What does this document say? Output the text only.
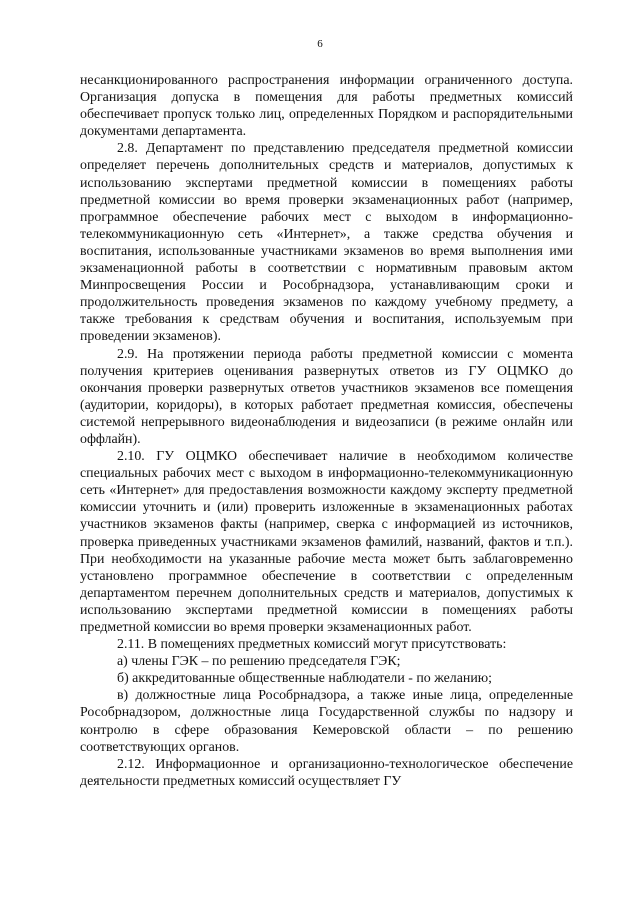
6

несанкционированного распространения информации ограниченного доступа. Организация допуска в помещения для работы предметных комиссий обеспечивает пропуск только лиц, определенных Порядком и распорядительными документами департамента.

2.8. Департамент по представлению председателя предметной комиссии определяет перечень дополнительных средств и материалов, допустимых к использованию экспертами предметной комиссии в помещениях работы предметной комиссии во время проверки экзаменационных работ (например, программное обеспечение рабочих мест с выходом в информационно-телекоммуникационную сеть «Интернет», а также средства обучения и воспитания, использованные участниками экзаменов во время выполнения ими экзаменационной работы в соответствии с нормативным правовым актом Минпросвещения России и Рособрнадзора, устанавливающим сроки и продолжительность проведения экзаменов по каждому учебному предмету, а также требования к средствам обучения и воспитания, используемым при проведении экзаменов).

2.9. На протяжении периода работы предметной комиссии с момента получения критериев оценивания развернутых ответов из ГУ ОЦМКО до окончания проверки развернутых ответов участников экзаменов все помещения (аудитории, коридоры), в которых работает предметная комиссия, обеспечены системой непрерывного видеонаблюдения и видеозаписи (в режиме онлайн или оффлайн).

2.10. ГУ ОЦМКО обеспечивает наличие в необходимом количестве специальных рабочих мест с выходом в информационно-телекоммуникационную сеть «Интернет» для предоставления возможности каждому эксперту предметной комиссии уточнить и (или) проверить изложенные в экзаменационных работах участников экзаменов факты (например, сверка с информацией из источников, проверка приведенных участниками экзаменов фамилий, названий, фактов и т.п.). При необходимости на указанные рабочие места может быть заблаговременно установлено программное обеспечение в соответствии с определенным департаментом перечнем дополнительных средств и материалов, допустимых к использованию экспертами предметной комиссии в помещениях работы предметной комиссии во время проверки экзаменационных работ.

2.11. В помещениях предметных комиссий могут присутствовать:

а) члены ГЭК – по решению председателя ГЭК;

б) аккредитованные общественные наблюдатели - по желанию;

в) должностные лица Рособрнадзора, а также иные лица, определенные Рособрнадзором, должностные лица Государственной службы по надзору и контролю в сфере образования Кемеровской области – по решению соответствующих органов.

2.12. Информационное и организационно-технологическое обеспечение деятельности предметных комиссий осуществляет ГУ
